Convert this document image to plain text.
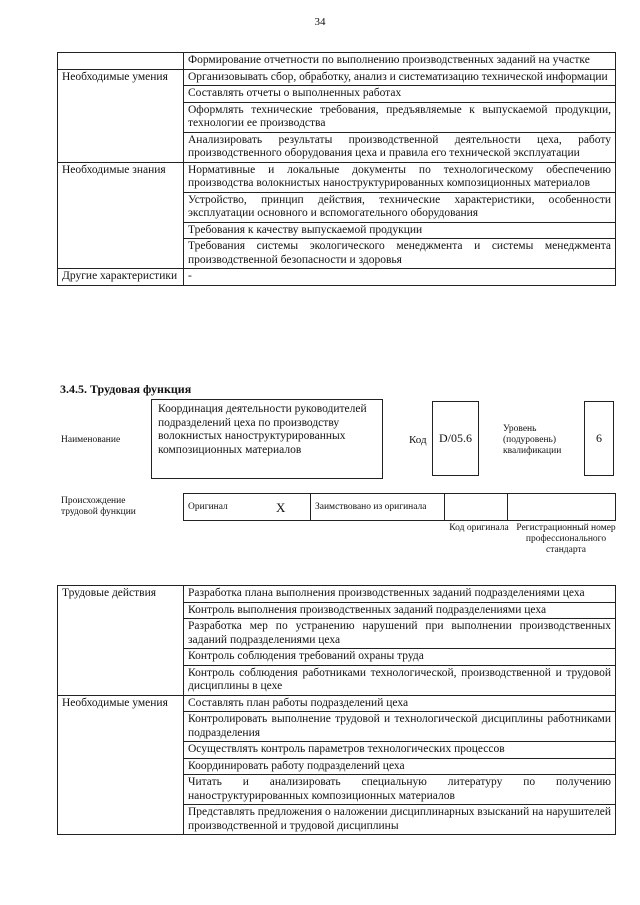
34
	Формирование отчетности по выполнению производственных заданий на участке
Необходимые умения	Организовывать сбор, обработку, анализ и систематизацию технической информации
	Составлять отчеты о выполненных работах
	Оформлять технические требования, предъявляемые к выпускаемой продукции, технологии ее производства
	Анализировать результаты производственной деятельности цеха, работу производственного оборудования цеха и правила его технической эксплуатации
Необходимые знания	Нормативные и локальные документы по технологическому обеспечению производства волокнистых наноструктурированных композиционных материалов
	Устройство, принцип действия, технические характеристики, особенности эксплуатации основного и вспомогательного оборудования
	Требования к качеству выпускаемой продукции
	Требования системы экологического менеджмента и системы менеджмента производственной безопасности и здоровья
Другие характеристики	-
3.4.5. Трудовая функция
Наименование
Координация деятельности руководителей подразделений цеха по производству волокнистых наноструктурированных композиционных материалов
Код	D/05.6
Уровень (подуровень) квалификации
6
Происхождение трудовой функции
Оригинал	X	Заимствовано из оригинала		
Код оригинала Регистрационный номер профессионального стандарта
Трудовые действия	Разработка плана выполнения производственных заданий подразделениями цеха
	Контроль выполнения производственных заданий подразделениями цеха
	Разработка мер по устранению нарушений при выполнении производственных заданий подразделениями цеха
	Контроль соблюдения требований охраны труда
	Контроль соблюдения работниками технологической, производственной и трудовой дисциплины в цехе
Необходимые умения	Составлять план работы подразделений цеха
	Контролировать выполнение трудовой и технологической дисциплины работниками подразделения
	Осуществлять контроль параметров технологических процессов
	Координировать работу подразделений цеха
	Читать и анализировать специальную литературу по получению наноструктурированных композиционных материалов
	Представлять предложения о наложении дисциплинарных взысканий на нарушителей производственной и трудовой дисциплины
